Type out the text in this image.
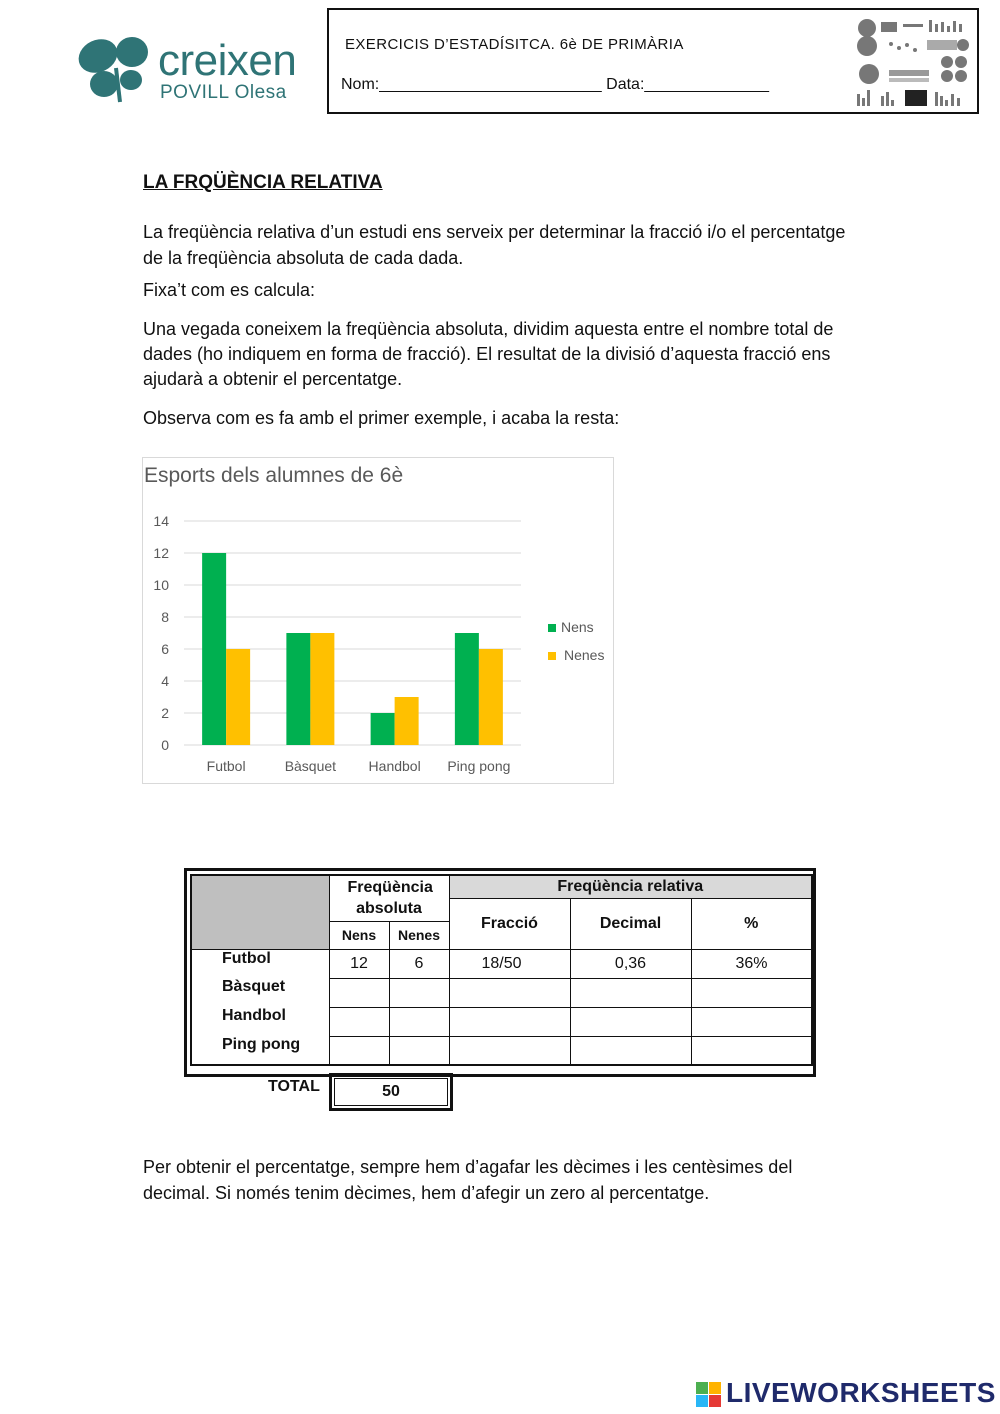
creixen
POVILL Olesa
EXERCICIS D’ESTADÍSITCA. 6è DE PRIMÀRIA
Nom:_________________________ Data:______________
LA FRQÜÈNCIA RELATIVA
La freqüència relativa d’un estudi ens serveix per determinar la fracció i/o el percentatge de la freqüència absoluta de cada dada.
Fixa’t com es calcula:
Una vegada coneixem la freqüència absoluta, dividim aquesta entre el nombre total de dades (ho indiquem en forma de fracció). El resultat de la divisió d’aquesta fracció ens ajudarà a obtenir el percentatge.
Observa com es fa amb el primer exemple, i acaba la resta:
Esports dels alumnes de 6è
0
2
4
6
8
10
12
14
Futbol	Bàsquet Handbol Ping pong
Nens
Nenes
	Freqüència absoluta		Freqüència relativa		
			Fracció	Decimal	%
	Nens	Nenes			
Futbol	12	6	18/50	0,36	36%
Bàsquet					
Handbol					
Ping pong					
TOTAL	50
Per obtenir el percentatge, sempre hem d’agafar les dècimes i les centèsimes del decimal. Si només tenim dècimes, hem d’afegir un zero al percentatge.
LIVEWORKSHEETS
